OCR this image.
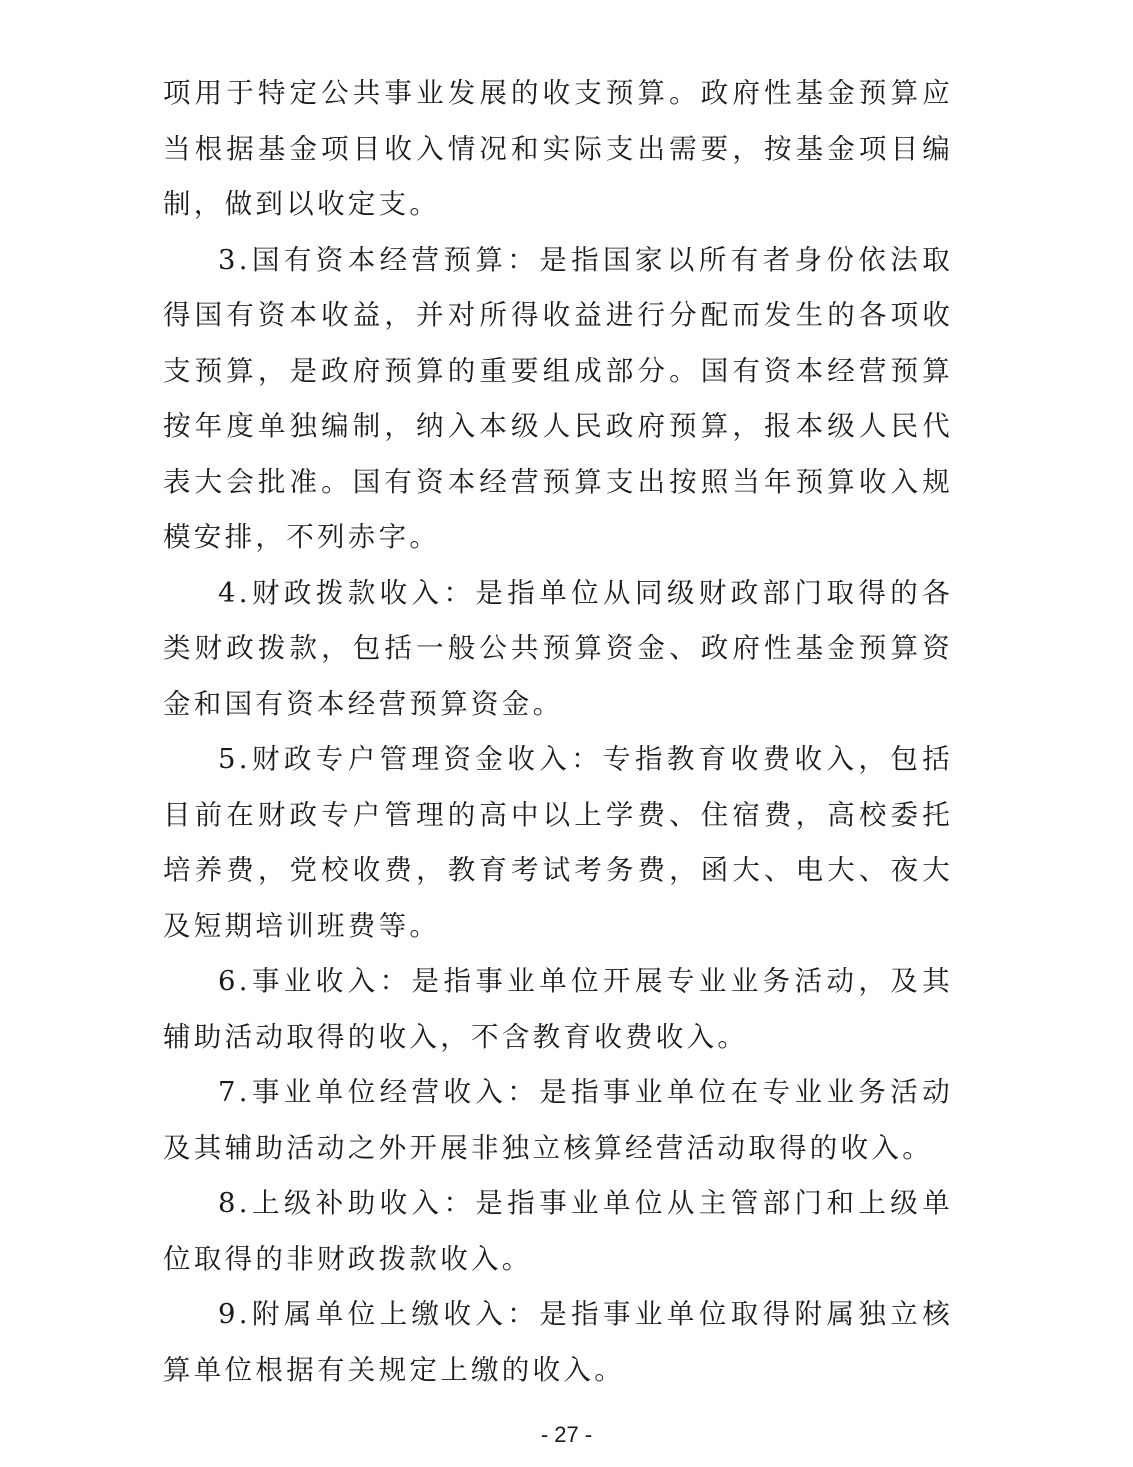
项用于特定公共事业发展的收支预算。政府性基金预算应当根据基金项目收入情况和实际支出需要，按基金项目编制，做到以收定支。

3.国有资本经营预算：是指国家以所有者身份依法取得国有资本收益，并对所得收益进行分配而发生的各项收支预算，是政府预算的重要组成部分。国有资本经营预算按年度单独编制，纳入本级人民政府预算，报本级人民代表大会批准。国有资本经营预算支出按照当年预算收入规模安排，不列赤字。

4.财政拨款收入：是指单位从同级财政部门取得的各类财政拨款，包括一般公共预算资金、政府性基金预算资金和国有资本经营预算资金。

5.财政专户管理资金收入：专指教育收费收入，包括目前在财政专户管理的高中以上学费、住宿费，高校委托培养费，党校收费，教育考试考务费，函大、电大、夜大及短期培训班费等。

6.事业收入：是指事业单位开展专业业务活动，及其辅助活动取得的收入，不含教育收费收入。

7.事业单位经营收入：是指事业单位在专业业务活动及其辅助活动之外开展非独立核算经营活动取得的收入。

8.上级补助收入：是指事业单位从主管部门和上级单位取得的非财政拨款收入。

9.附属单位上缴收入：是指事业单位取得附属独立核算单位根据有关规定上缴的收入。

- 27 -
